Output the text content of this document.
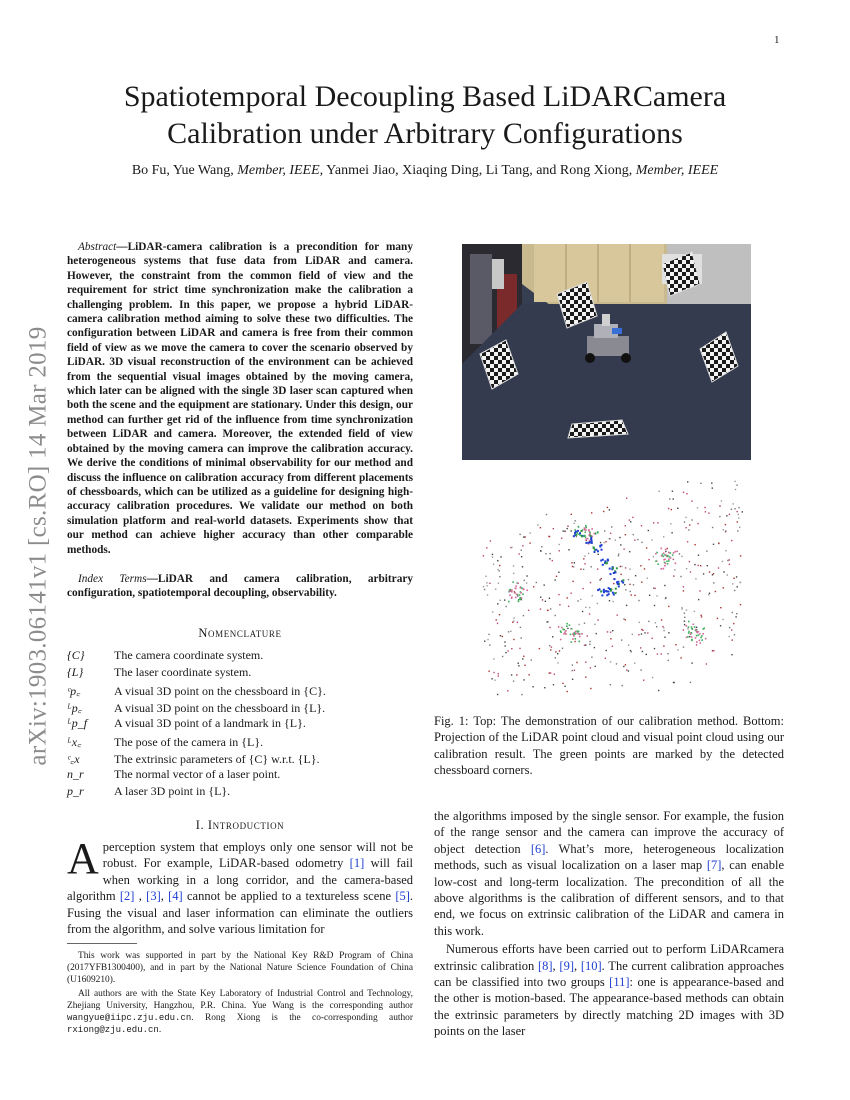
1
arXiv:1903.06141v1 [cs.RO] 14 Mar 2019
Spatiotemporal Decoupling Based LiDARCamera
Calibration under Arbitrary Configurations
Bo Fu, Yue Wang, Member, IEEE, Yanmei Jiao, Xiaqing Ding, Li Tang, and Rong Xiong, Member, IEEE

Abstract—LiDAR-camera calibration is a precondition for many heterogeneous systems that fuse data from LiDAR and camera. However, the constraint from the common field of view and the requirement for strict time synchronization make the calibration a challenging problem. In this paper, we propose a hybrid LiDAR-camera calibration method aiming to solve these two difficulties. The configuration between LiDAR and camera is free from their common field of view as we move the camera to cover the scenario observed by LiDAR. 3D visual reconstruction of the environment can be achieved from the sequential visual images obtained by the moving camera, which later can be aligned with the single 3D laser scan captured when both the scene and the equipment are stationary. Under this design, our method can further get rid of the influence from time synchronization between LiDAR and camera. Moreover, the extended field of view obtained by the moving camera can improve the calibration accuracy. We derive the conditions of minimal observability for our method and discuss the influence on calibration accuracy from different placements of chessboards, which can be utilized as a guideline for designing high-accuracy calibration procedures. We validate our method on both simulation platform and real-world datasets. Experiments show that our method can achieve higher accuracy than other comparable methods.

Index Terms—LiDAR and camera calibration, arbitrary configuration, spatiotemporal decoupling, observability.

Nomenclature
{C}	The camera coordinate system.
{L}	The laser coordinate system.
ᶜp꜀	A visual 3D point on the chessboard in {C}.
ᴸp꜀	A visual 3D point on the chessboard in {L}.
ᴸp_f	A visual 3D point of a landmark in {L}.
ᴸx꜀	The pose of the camera in {L}.
ᶜ꜀x	The extrinsic parameters of {C} w.r.t. {L}.
n_r	The normal vector of a laser point.
p_r	A laser 3D point in {L}.
I. Introduction

A perception system that employs only one sensor will not be robust. For example, LiDAR-based odometry [1] will fail when working in a long corridor, and the camera-based algorithm [2] , [3], [4] cannot be applied to a textureless scene [5]. Fusing the visual and laser information can eliminate the outliers from the algorithm, and solve various limitation for

This work was supported in part by the National Key R&D Program of China (2017YFB1300400), and in part by the National Nature Science Foundation of China (U1609210).

All authors are with the State Key Laboratory of Industrial Control and Technology, Zhejiang University, Hangzhou, P.R. China. Yue Wang is the corresponding author wangyue@iipc.zju.edu.cn. Rong Xiong is the co-corresponding author rxiong@zju.edu.cn.

Fig. 1: Top: The demonstration of our calibration method. Bottom: Projection of the LiDAR point cloud and visual point cloud using our calibration result. The green points are marked by the detected chessboard corners.

the algorithms imposed by the single sensor. For example, the fusion of the range sensor and the camera can improve the accuracy of object detection [6]. What’s more, heterogeneous localization methods, such as visual localization on a laser map [7], can enable low-cost and long-term localization. The precondition of all the above algorithms is the calibration of different sensors, and to that end, we focus on extrinsic calibration of the LiDAR and camera in this work.

Numerous efforts have been carried out to perform LiDARcamera extrinsic calibration [8], [9], [10]. The current calibration approaches can be classified into two groups [11]: one is appearance-based and the other is motion-based. The appearance-based methods can obtain the extrinsic parameters by directly matching 2D images with 3D points on the laser
